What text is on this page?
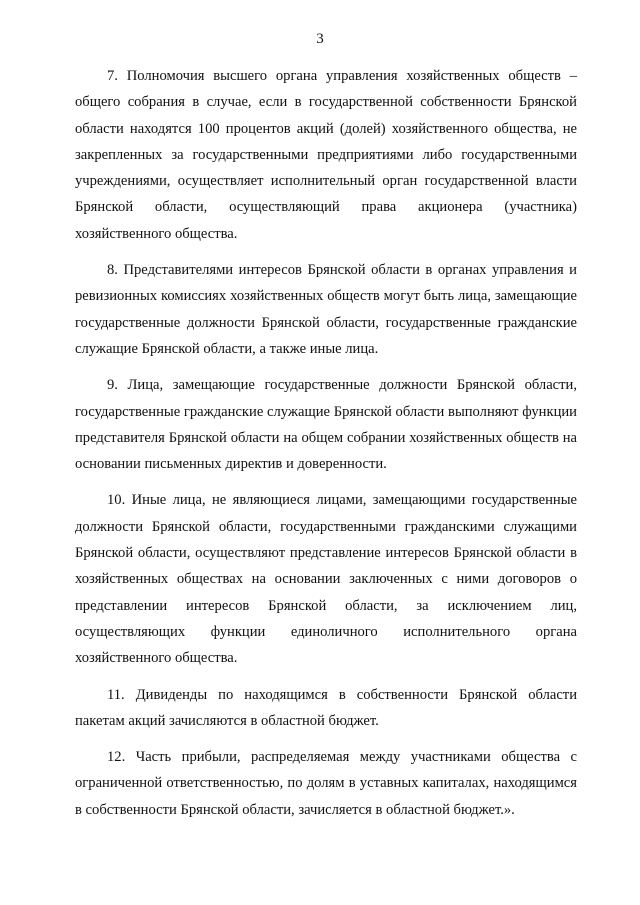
3

7. Полномочия высшего органа управления хозяйственных обществ – общего собрания в случае, если в государственной собственности Брянской области находятся 100 процентов акций (долей) хозяйственного общества, не закрепленных за государственными предприятиями либо государственными учреждениями, осуществляет исполнительный орган государственной власти Брянской области, осуществляющий права акционера (участника) хозяйственного общества.

8. Представителями интересов Брянской области в органах управления и ревизионных комиссиях хозяйственных обществ могут быть лица, замещающие государственные должности Брянской области, государственные гражданские служащие Брянской области, а также иные лица.

9. Лица, замещающие государственные должности Брянской области, государственные гражданские служащие Брянской области выполняют функции представителя Брянской области на общем собрании хозяйственных обществ на основании письменных директив и доверенности.

10. Иные лица, не являющиеся лицами, замещающими государственные должности Брянской области, государственными гражданскими служащими Брянской области, осуществляют представление интересов Брянской области в хозяйственных обществах на основании заключенных с ними договоров о представлении интересов Брянской области, за исключением лиц, осуществляющих функции единоличного исполнительного органа хозяйственного общества.

11. Дивиденды по находящимся в собственности Брянской области пакетам акций зачисляются в областной бюджет.

12. Часть прибыли, распределяемая между участниками общества с ограниченной ответственностью, по долям в уставных капиталах, находящимся в собственности Брянской области, зачисляется в областной бюджет.».
